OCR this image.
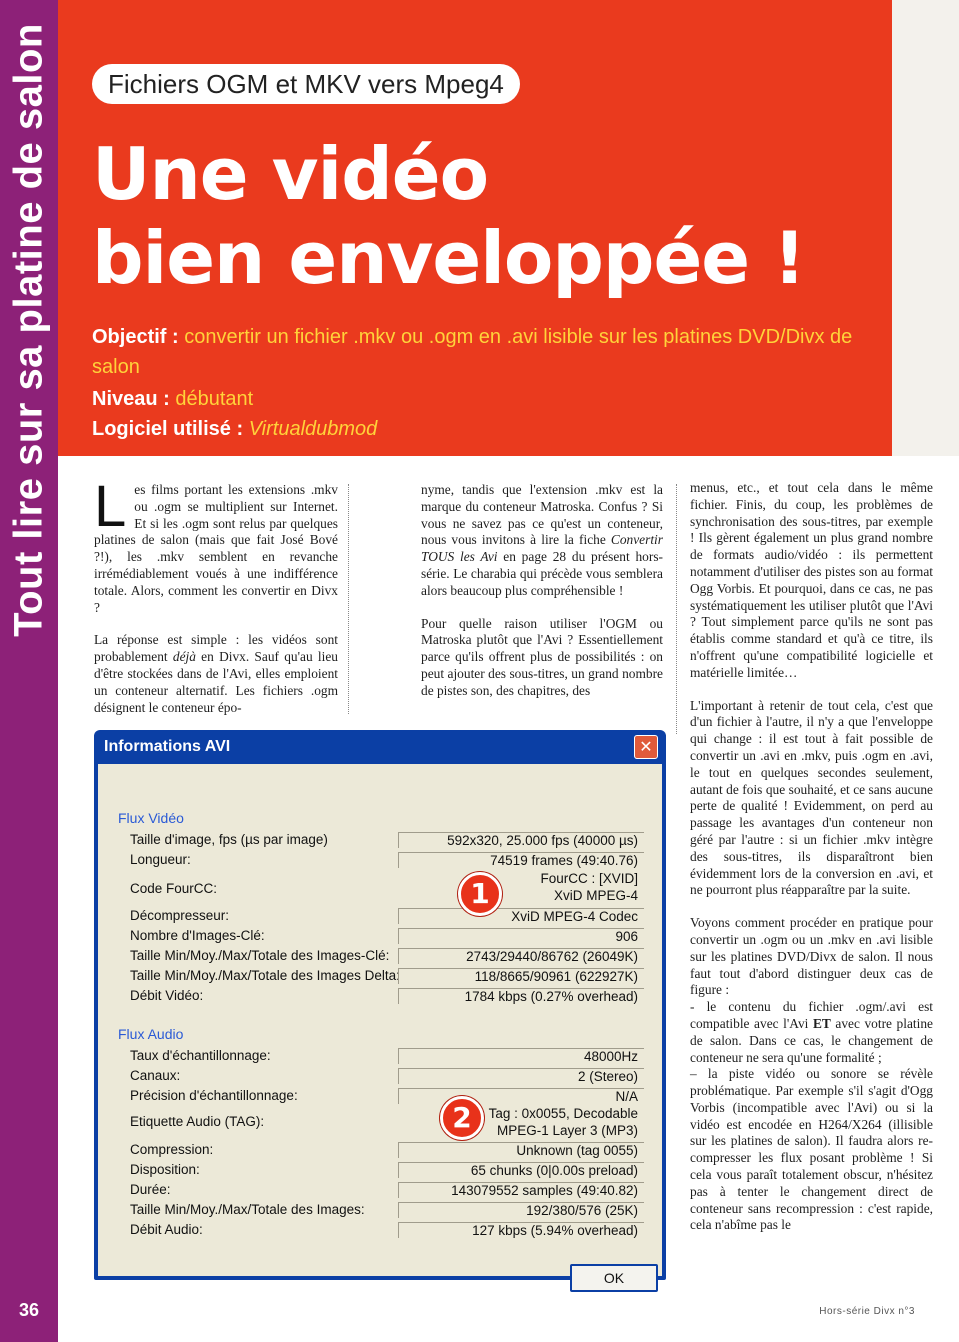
Tout lire sur sa platine de salon
36
Fichiers OGM et MKV vers Mpeg4
Une vidéo
bien enveloppée !
Objectif : convertir un fichier .mkv ou .ogm en .avi lisible sur les platines DVD/Divx de salon
Niveau : débutant
Logiciel utilisé : Virtualdubmod

Les films portant les extensions .mkv ou .ogm se multiplient sur Internet. Et si les .ogm sont relus par quelques platines de salon (mais que fait José Bové ?!), les .mkv semblent en revanche irrémédiablement voués à une indifférence totale. Alors, comment les convertir en Divx ?

La réponse est simple : les vidéos sont probablement déjà en Divx. Sauf qu'au lieu d'être stockées dans de l'Avi, elles emploient un conteneur alternatif. Les fichiers .ogm désignent le conteneur épo-

nyme, tandis que l'extension .mkv est la marque du conteneur Matroska. Confus ? Si vous ne savez pas ce qu'est un conteneur, nous vous invitons à lire la fiche Convertir TOUS les Avi en page 28 du présent hors-série. Le charabia qui précède vous semblera alors beaucoup plus compréhensible !

Pour quelle raison utiliser l'OGM ou Matroska plutôt que l'Avi ? Essentiellement parce qu'ils offrent plus de possibilités : on peut ajouter des sous-titres, un grand nombre de pistes son, des chapitres, des

menus, etc., et tout cela dans le même fichier. Finis, du coup, les problèmes de synchronisation des sous-titres, par exemple ! Ils gèrent également un plus grand nombre de formats audio/vidéo : ils permettent notamment d'utiliser des pistes son au format Ogg Vorbis. Et pourquoi, dans ce cas, ne pas systématiquement les utiliser plutôt que l'Avi ? Tout simplement parce qu'ils ne sont pas établis comme standard et qu'à ce titre, ils n'offrent qu'une compatibilité logicielle et matérielle limitée…

L'important à retenir de tout cela, c'est que d'un fichier à l'autre, il n'y a que l'enveloppe qui change : il est tout à fait possible de convertir un .avi en .mkv, puis .ogm en .avi, le tout en quelques secondes seulement, autant de fois que souhaité, et ce sans aucune perte de qualité ! Evidemment, on perd au passage les avantages d'un conteneur non géré par l'autre : si un fichier .mkv intègre des sous-titres, ils disparaîtront bien évidemment lors de la conversion en .avi, et ne pourront plus réapparaître par la suite.

Voyons comment procéder en pratique pour convertir un .ogm ou un .mkv en .avi lisible sur les platines DVD/Divx de salon. Il nous faut tout d'abord distinguer deux cas de figure :

- le contenu du fichier .ogm/.avi est compatible avec l'Avi ET avec votre platine de salon. Dans ce cas, le changement de conteneur ne sera qu'une formalité ;

– la piste vidéo ou sonore se révèle problématique. Par exemple s'il s'agit d'Ogg Vorbis (incompatible avec l'Avi) ou si la vidéo est encodée en H264/X264 (illisible sur les platines de salon). Il faudra alors re-compresser les flux posant problème ! Si cela vous paraît totalement obscur, n'hésitez pas à tenter le changement direct de conteneur sans recompression : c'est rapide, cela n'abîme pas le

Informations AVI	✕
Flux Vidéo
Taille d'image, fps (µs par image)	592x320, 25.000 fps (40000 µs)
Longueur:	74519 frames (49:40.76)
Code FourCC:
FourCC : [XVID]
XviD MPEG-4
Décompresseur:	XviD MPEG-4 Codec
Nombre d'Images-Clé:	906
Taille Min/Moy./Max/Totale des Images-Clé:	2743/29440/86762 (26049K)
Taille Min/Moy./Max/Totale des Images Delta:	118/8665/90961 (622927K)
Débit Vidéo:	1784 kbps (0.27% overhead)
Flux Audio
Taux d'échantillonnage:	48000Hz
Canaux:	2 (Stereo)
Précision d'échantillonnage:	N/A
Etiquette Audio (TAG):
Tag : 0x0055, Decodable
MPEG-1 Layer 3 (MP3)
Compression:	Unknown (tag 0055)
Disposition:	65 chunks (0|0.00s preload)
Durée:	143079552 samples (49:40.82)
Taille Min/Moy./Max/Totale des Images:	192/380/576 (25K)
Débit Audio:	127 kbps (5.94% overhead)
1
2
OK
Hors-série Divx n°3
